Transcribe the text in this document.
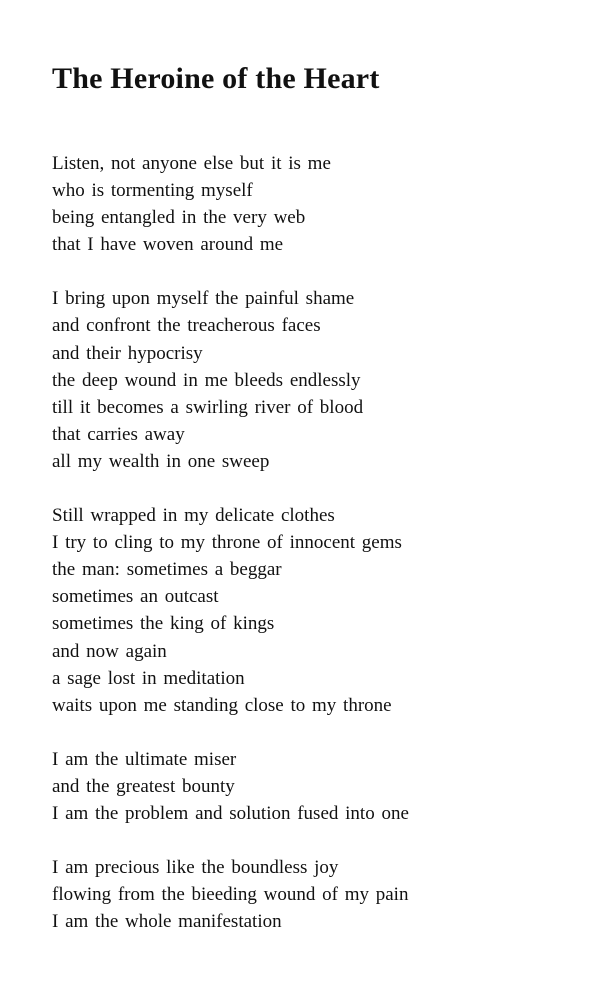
The Heroine of the Heart
Listen, not anyone else but it is me
who is tormenting myself
being entangled in the very web
that I have woven around me
I bring upon myself the painful shame
and confront the treacherous faces
and their hypocrisy
the deep wound in me bleeds endlessly
till it becomes a swirling river of blood
that carries away
all my wealth in one sweep
Still wrapped in my delicate clothes
I try to cling to my throne of innocent gems
the man: sometimes a beggar
sometimes an outcast
sometimes the king of kings
and now again
a sage lost in meditation
waits upon me standing close to my throne
I am the ultimate miser
and the greatest bounty
I am the problem and solution fused into one
I am precious like the boundless joy
flowing from the bieeding wound of my pain
I am the whole manifestation
